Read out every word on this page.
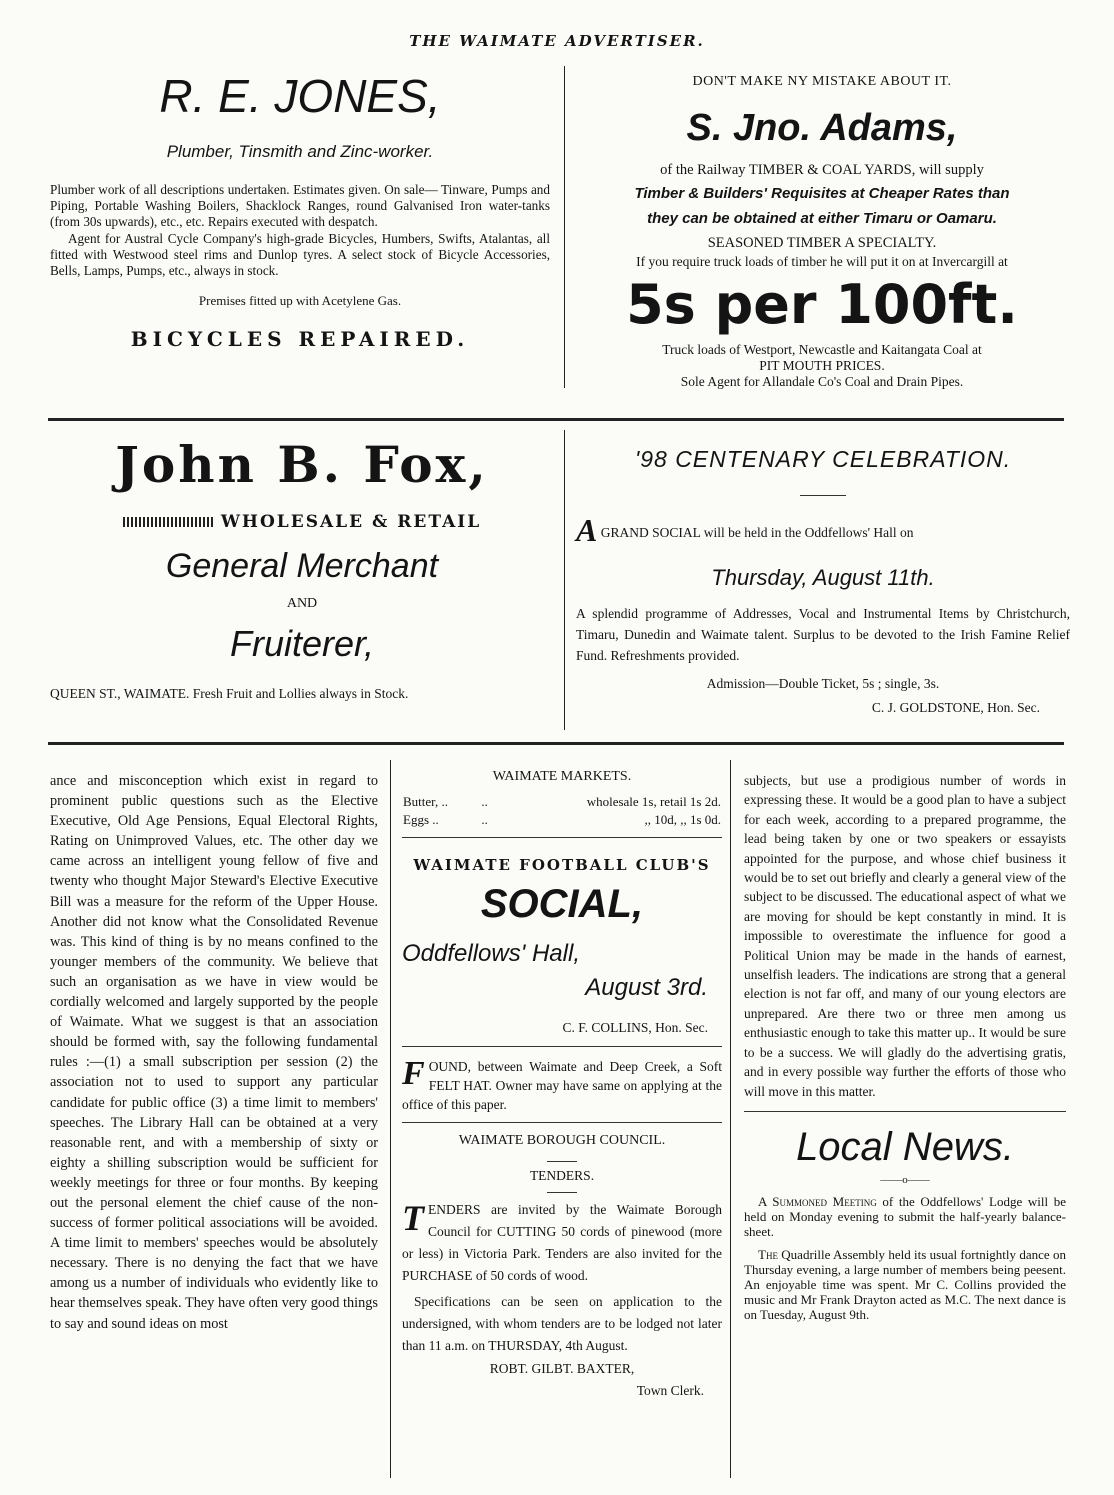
THE WAIMATE ADVERTISER.
R. E. JONES,
Plumber, Tinsmith and Zinc-worker.

Plumber work of all descriptions undertaken. Estimates given. On sale— Tinware, Pumps and Piping, Portable Washing Boilers, Shacklock Ranges, round Galvanised Iron water-tanks (from 30s upwards), etc., etc. Repairs executed with despatch.

Agent for Austral Cycle Company's high-grade Bicycles, Humbers, Swifts, Atalantas, all fitted with Westwood steel rims and Dunlop tyres. A select stock of Bicycle Accessories, Bells, Lamps, Pumps, etc., always in stock.

Premises fitted up with Acetylene Gas.
BICYCLES REPAIRED.
DON'T MAKE NY MISTAKE ABOUT IT.
S. Jno. Adams,
of the Railway TIMBER & COAL YARDS, will supply
Timber & Builders' Requisites at Cheaper Rates than
they can be obtained at either Timaru or Oamaru.
SEASONED TIMBER A SPECIALTY.
If you require truck loads of timber he will put it on at Invercargill at
5s per 100ft.
Truck loads of Westport, Newcastle and Kaitangata Coal at
PIT MOUTH PRICES.
Sole Agent for Allandale Co's Coal and Drain Pipes.
John B. Fox,
WHOLESALE & RETAIL
General Merchant
AND
Fruiterer,
QUEEN ST., WAIMATE. Fresh Fruit and Lollies always in Stock.
'98 CENTENARY CELEBRATION.
A GRAND SOCIAL will be held in the Oddfellows' Hall on
Thursday, August 11th.
A splendid programme of Addresses, Vocal and Instrumental Items by Christchurch, Timaru, Dunedin and Waimate talent. Surplus to be devoted to the Irish Famine Relief Fund. Refreshments provided.
Admission—Double Ticket, 5s ; single, 3s.
C. J. GOLDSTONE, Hon. Sec.
ance and misconception which exist in regard to prominent public questions such as the Elective Executive, Old Age Pensions, Equal Electoral Rights, Rating on Unimproved Values, etc. The other day we came across an intelligent young fellow of five and twenty who thought Major Steward's Elective Executive Bill was a measure for the reform of the Upper House. Another did not know what the Consolidated Revenue was. This kind of thing is by no means confined to the younger members of the community. We believe that such an organisation as we have in view would be cordially welcomed and largely supported by the people of Waimate. What we suggest is that an association should be formed with, say the following fundamental rules :—(1) a small subscription per session (2) the association not to used to support any particular candidate for public office (3) a time limit to members' speeches. The Library Hall can be obtained at a very reasonable rent, and with a membership of sixty or eighty a shilling subscription would be sufficient for weekly meetings for three or four months. By keeping out the personal element the chief cause of the non-success of former political associations will be avoided. A time limit to members' speeches would be absolutely necessary. There is no denying the fact that we have among us a number of individuals who evidently like to hear themselves speak. They have often very good things to say and sound ideas on most
WAIMATE MARKETS.
Butter, ..	..	wholesale 1s, retail 1s 2d.
Eggs ..	..	,, 10d, ,, 1s 0d.
WAIMATE FOOTBALL CLUB'S
SOCIAL,
Oddfellows' Hall,
August 3rd.
C. F. COLLINS, Hon. Sec.
F OUND, between Waimate and Deep Creek, a Soft FELT HAT. Owner may have same on applying at the office of this paper.
WAIMATE BOROUGH COUNCIL.
TENDERS.
T ENDERS are invited by the Waimate Borough Council for CUTTING 50 cords of pinewood (more or less) in Victoria Park. Tenders are also invited for the PURCHASE of 50 cords of wood.
Specifications can be seen on application to the undersigned, with whom tenders are to be lodged not later than 11 a.m. on THURSDAY, 4th August.
ROBT. GILBT. BAXTER,
Town Clerk.
subjects, but use a prodigious number of words in expressing these. It would be a good plan to have a subject for each week, according to a prepared programme, the lead being taken by one or two speakers or essayists appointed for the purpose, and whose chief business it would be to set out briefly and clearly a general view of the subject to be discussed. The educational aspect of what we are moving for should be kept constantly in mind. It is impossible to overestimate the influence for good a Political Union may be made in the hands of earnest, unselfish leaders. The indications are strong that a general election is not far off, and many of our young electors are unprepared. Are there two or three men among us enthusiastic enough to take this matter up.. It would be sure to be a success. We will gladly do the advertising gratis, and in every possible way further the efforts of those who will move in this matter.
Local News.
——o——
A Summoned Meeting of the Oddfellows' Lodge will be held on Monday evening to submit the half-yearly balance-sheet.
The Quadrille Assembly held its usual fortnightly dance on Thursday evening, a large number of members being peesent. An enjoyable time was spent. Mr C. Collins provided the music and Mr Frank Drayton acted as M.C. The next dance is on Tuesday, August 9th.
